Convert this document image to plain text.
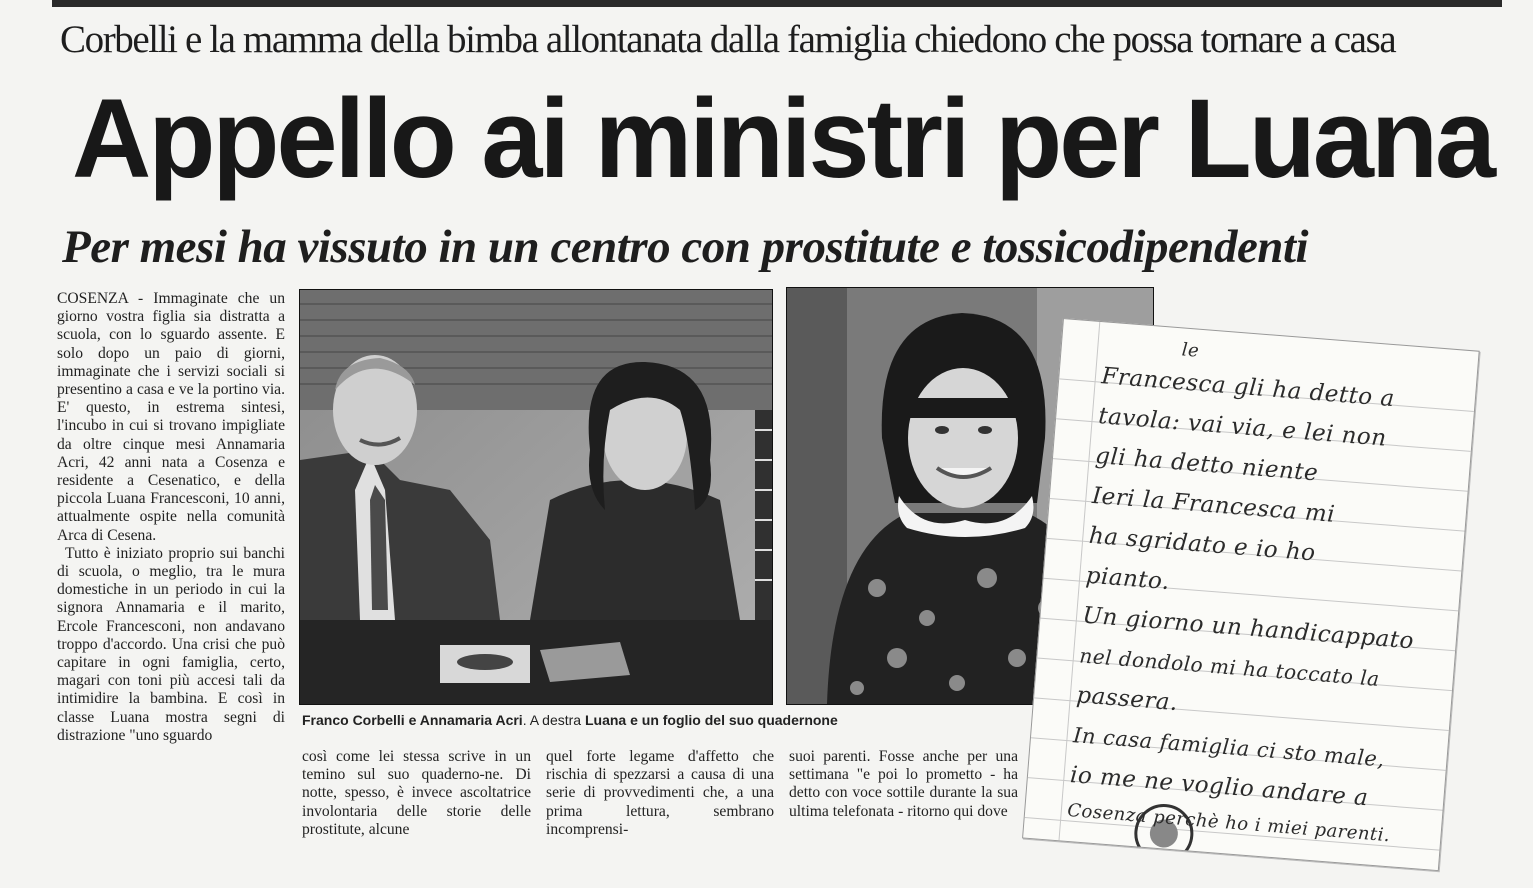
Corbelli e la mamma della bimba allontanata dalla famiglia chiedono che possa tornare a casa
Appello ai ministri per Luana
Per mesi ha vissuto in un centro con prostitute e tossicodipendenti

COSENZA - Immaginate che un giorno vostra figlia sia distratta a scuola, con lo sguardo assente. E solo dopo un paio di giorni, immaginate che i servizi sociali si presentino a casa e ve la portino via. E' questo, in estrema sintesi, l'incubo in cui si trovano impigliate da oltre cinque mesi Annamaria Acri, 42 anni nata a Cosenza e residente a Cesenatico, e della piccola Luana Francesconi, 10 anni, attualmente ospite nella comunità Arca di Cesena.

Tutto è iniziato proprio sui banchi di scuola, o meglio, tra le mura domestiche in un periodo in cui la signora Annamaria e il marito, Ercole Francesconi, non andavano troppo d'accordo. Una crisi che può capitare in ogni famiglia, certo, magari con toni più accesi tali da intimidire la bambina. E così in classe Luana mostra segni di distrazione "uno sguardo

Franco Corbelli e Annamaria Acri. A destra Luana e un foglio del suo quadernone
così come lei stessa scrive in un temino sul suo quaderno-ne. Di notte, spesso, è invece ascoltatrice involontaria delle storie delle prostitute, alcune
quel forte legame d'affetto che rischia di spezzarsi a causa di una serie di provvedimenti che, a una prima lettura, sembrano incomprensi-
suoi parenti. Fosse anche per una settimana "e poi lo prometto - ha detto con voce sottile durante la sua ultima telefonata - ritorno qui dove
le
Francesca gli ha detto a
tavola: vai via, e lei non
gli ha detto niente
Ieri la Francesca mi
ha sgridato e io ho
pianto.
Un giorno un handicappato
nel dondolo mi ha toccato la
passera.
In casa famiglia ci sto male,
io me ne voglio andare a
Cosenza perchè ho i miei parenti.
